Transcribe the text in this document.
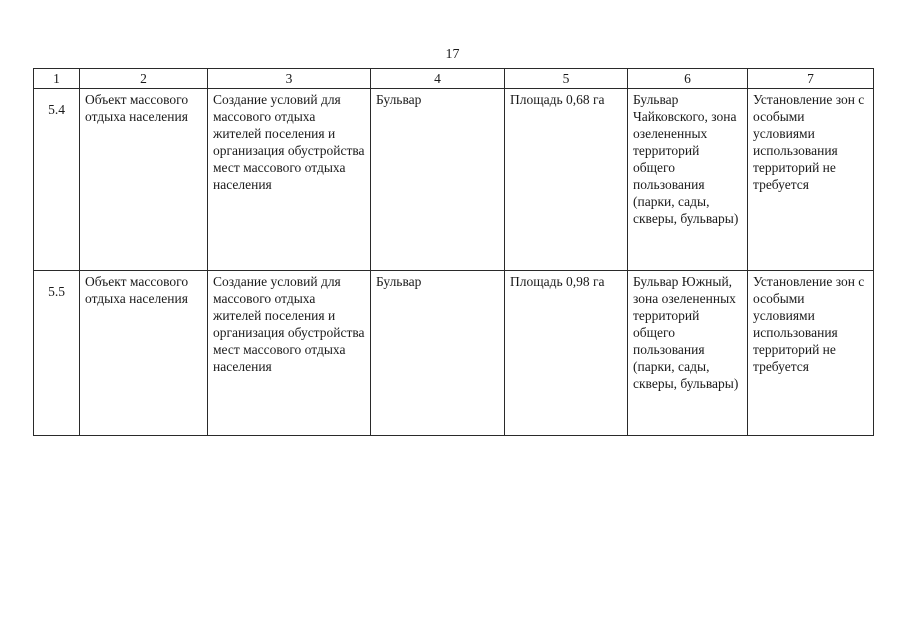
17
1	2	3	4	5	6	7
5.4	Объект массового отдыха населения	Создание условий для массового отдыха жителей поселения и организация обустройства мест массового отдыха населения	Бульвар	Площадь 0,68 га	Бульвар Чайковского, зона озелененных территорий общего пользования (парки, сады, скверы, бульвары)	Установление зон с особыми условиями использования территорий не требуется
5.5	Объект массового отдыха населения	Создание условий для массового отдыха жителей поселения и организация обустройства мест массового отдыха населения	Бульвар	Площадь 0,98 га	Бульвар Южный, зона озелененных территорий общего пользования (парки, сады, скверы, бульвары)	Установление зон с особыми условиями использования территорий не требуется
